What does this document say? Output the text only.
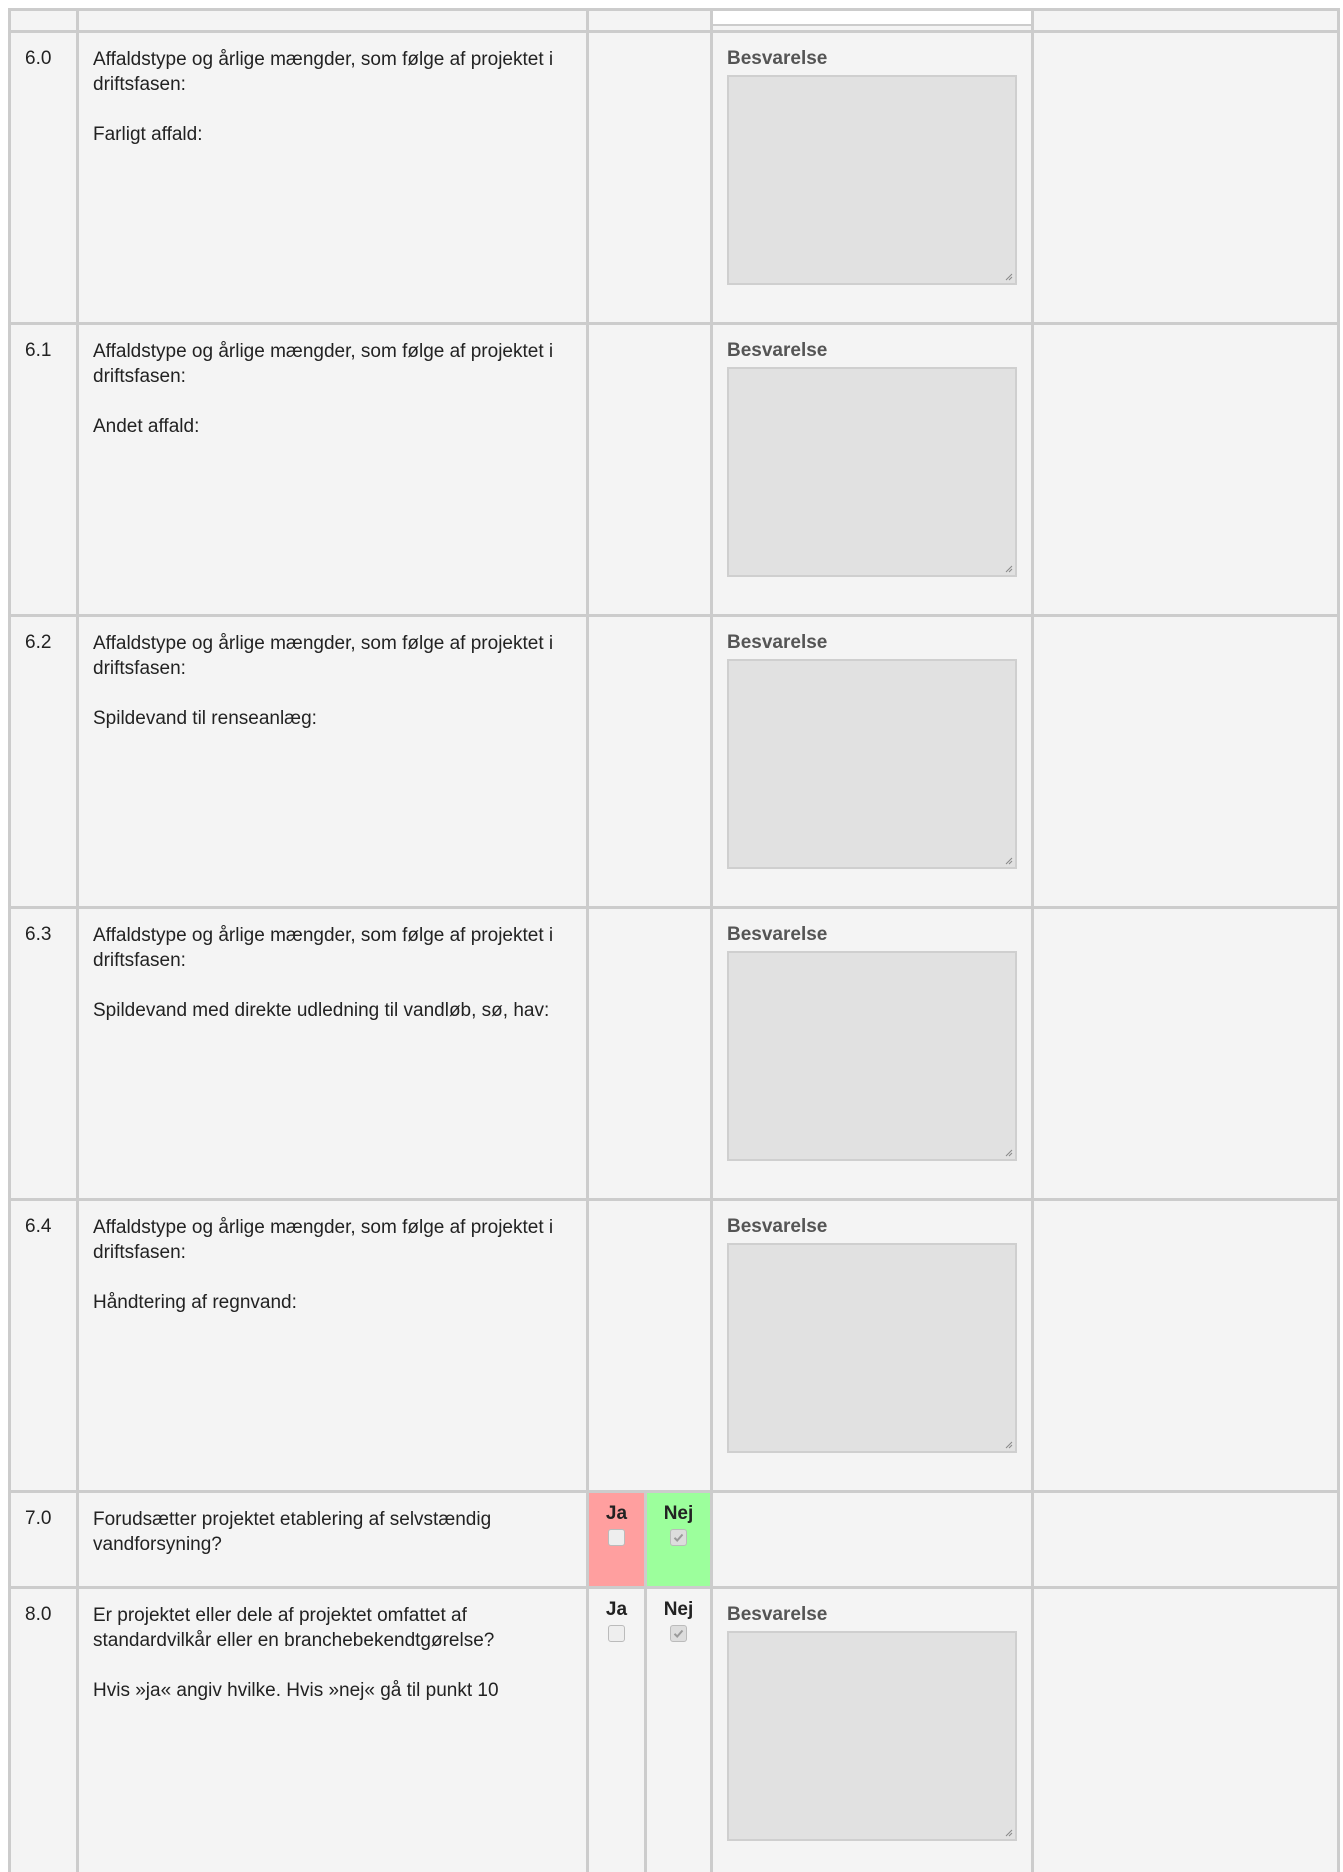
6.0	Affaldstype og årlige mængder, som følge af projektet i
driftsfasen:
Farligt affald:			Besvarelse	

6.1	Affaldstype og årlige mængder, som følge af projektet i
driftsfasen:
Andet affald:			Besvarelse	

6.2	Affaldstype og årlige mængder, som følge af projektet i
driftsfasen:
Spildevand til renseanlæg:			Besvarelse	

6.3	Affaldstype og årlige mængder, som følge af projektet i
driftsfasen:
Spildevand med direkte udledning til vandløb, sø, hav:			Besvarelse	

6.4	Affaldstype og årlige mængder, som følge af projektet i
driftsfasen:
Håndtering af regnvand:			Besvarelse	

7.0	Forudsætter projektet etablering af selvstændig
vandforsyning?	Ja	Nej		

8.0	Er projektet eller dele af projektet omfattet af
standardvilkår eller en branchebekendtgørelse?
Hvis »ja« angiv hvilke. Hvis »nej« gå til punkt 10	Ja	Nej	Besvarelse	
